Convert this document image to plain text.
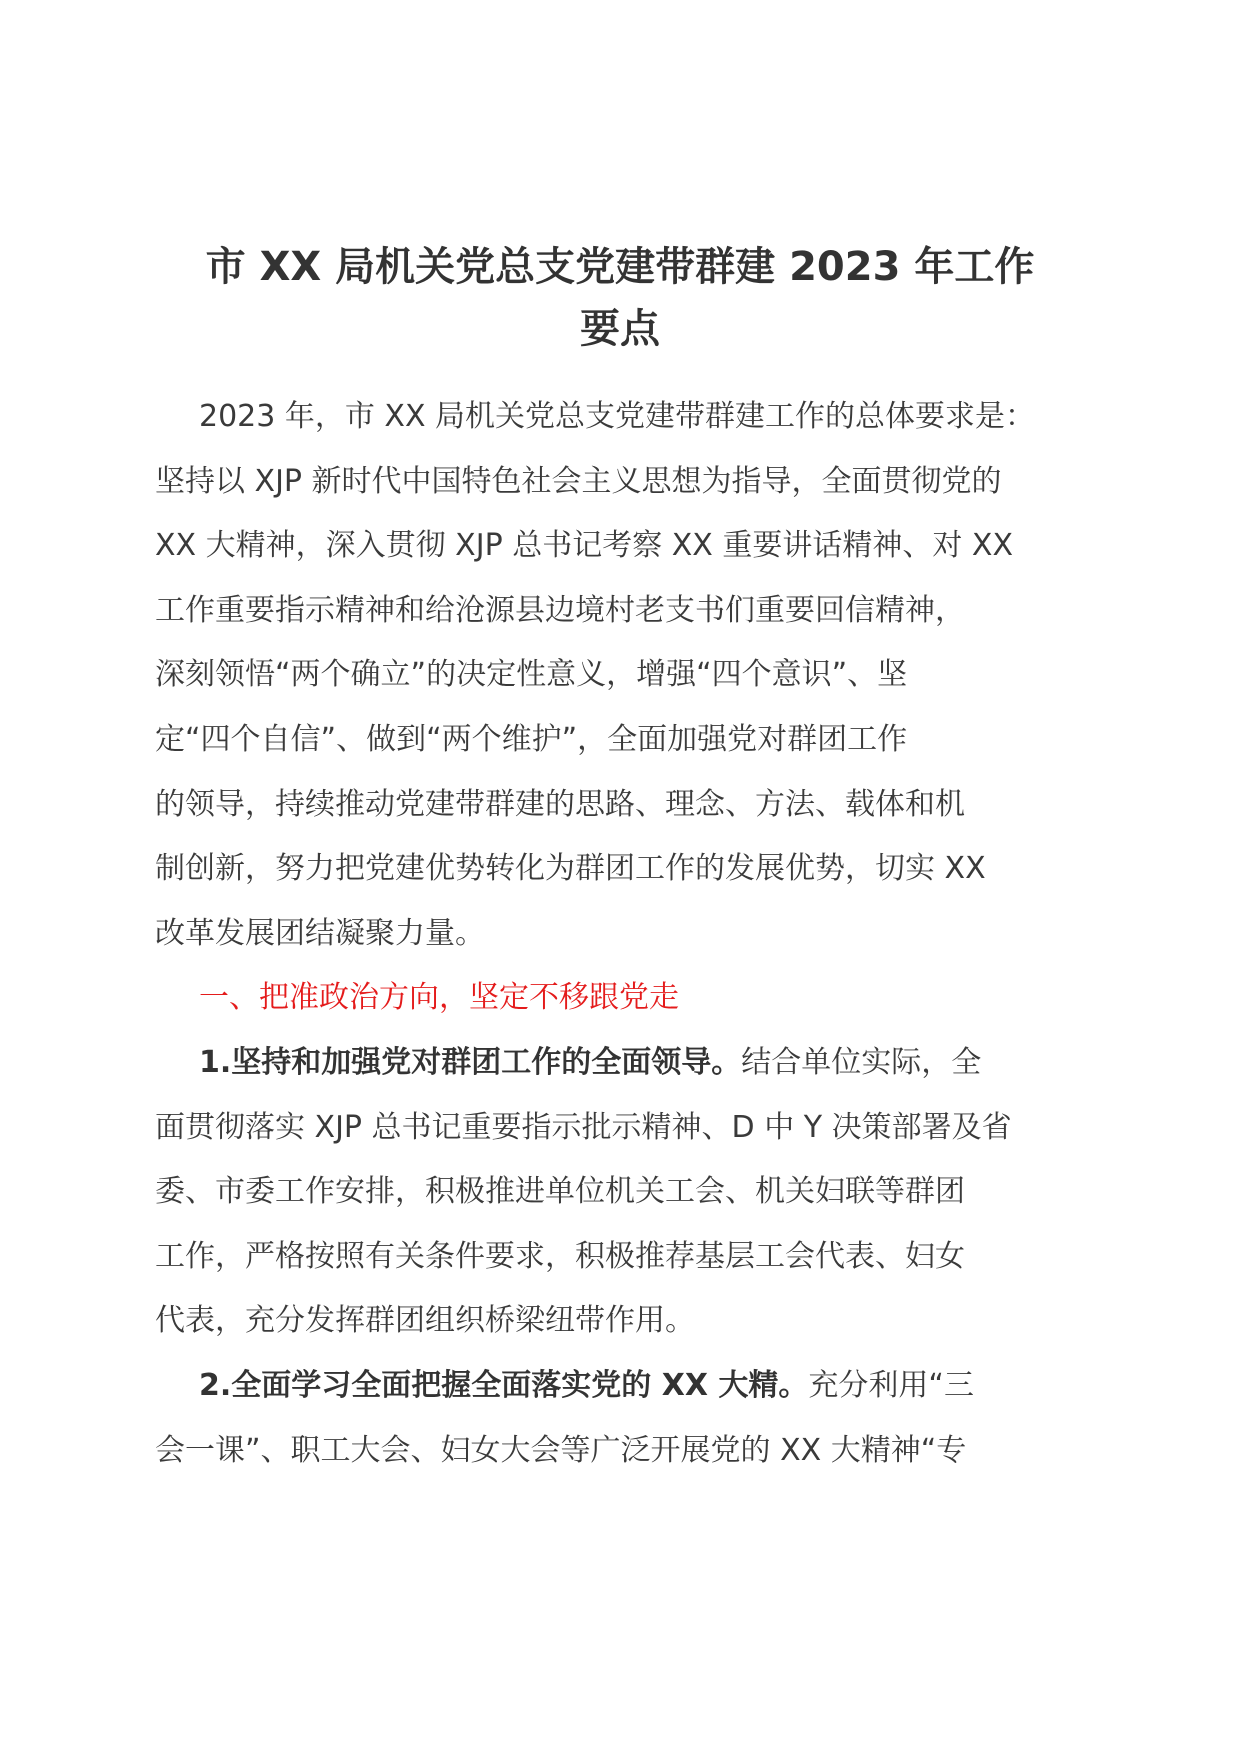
市 XX 局机关党总支党建带群建 2023 年工作
要点
2023 年，市 XX 局机关党总支党建带群建工作的总体要求是：
坚持以 XJP 新时代中国特色社会主义思想为指导，全面贯彻党的
XX 大精神，深入贯彻 XJP 总书记考察 XX 重要讲话精神、对 XX
工作重要指示精神和给沧源县边境村老支书们重要回信精神，
深刻领悟“两个确立”的决定性意义，增强“四个意识”、坚
定“四个自信”、做到“两个维护”，全面加强党对群团工作
的领导，持续推动党建带群建的思路、理念、方法、载体和机
制创新，努力把党建优势转化为群团工作的发展优势，切实 XX
改革发展团结凝聚力量。
一、把准政治方向，坚定不移跟党走
1.坚持和加强党对群团工作的全面领导。结合单位实际，全
面贯彻落实 XJP 总书记重要指示批示精神、D 中 Y 决策部署及省
委、市委工作安排，积极推进单位机关工会、机关妇联等群团
工作，严格按照有关条件要求，积极推荐基层工会代表、妇女
代表，充分发挥群团组织桥梁纽带作用。
2.全面学习全面把握全面落实党的 XX 大精。充分利用“三
会一课”、职工大会、妇女大会等广泛开展党的 XX 大精神“专
